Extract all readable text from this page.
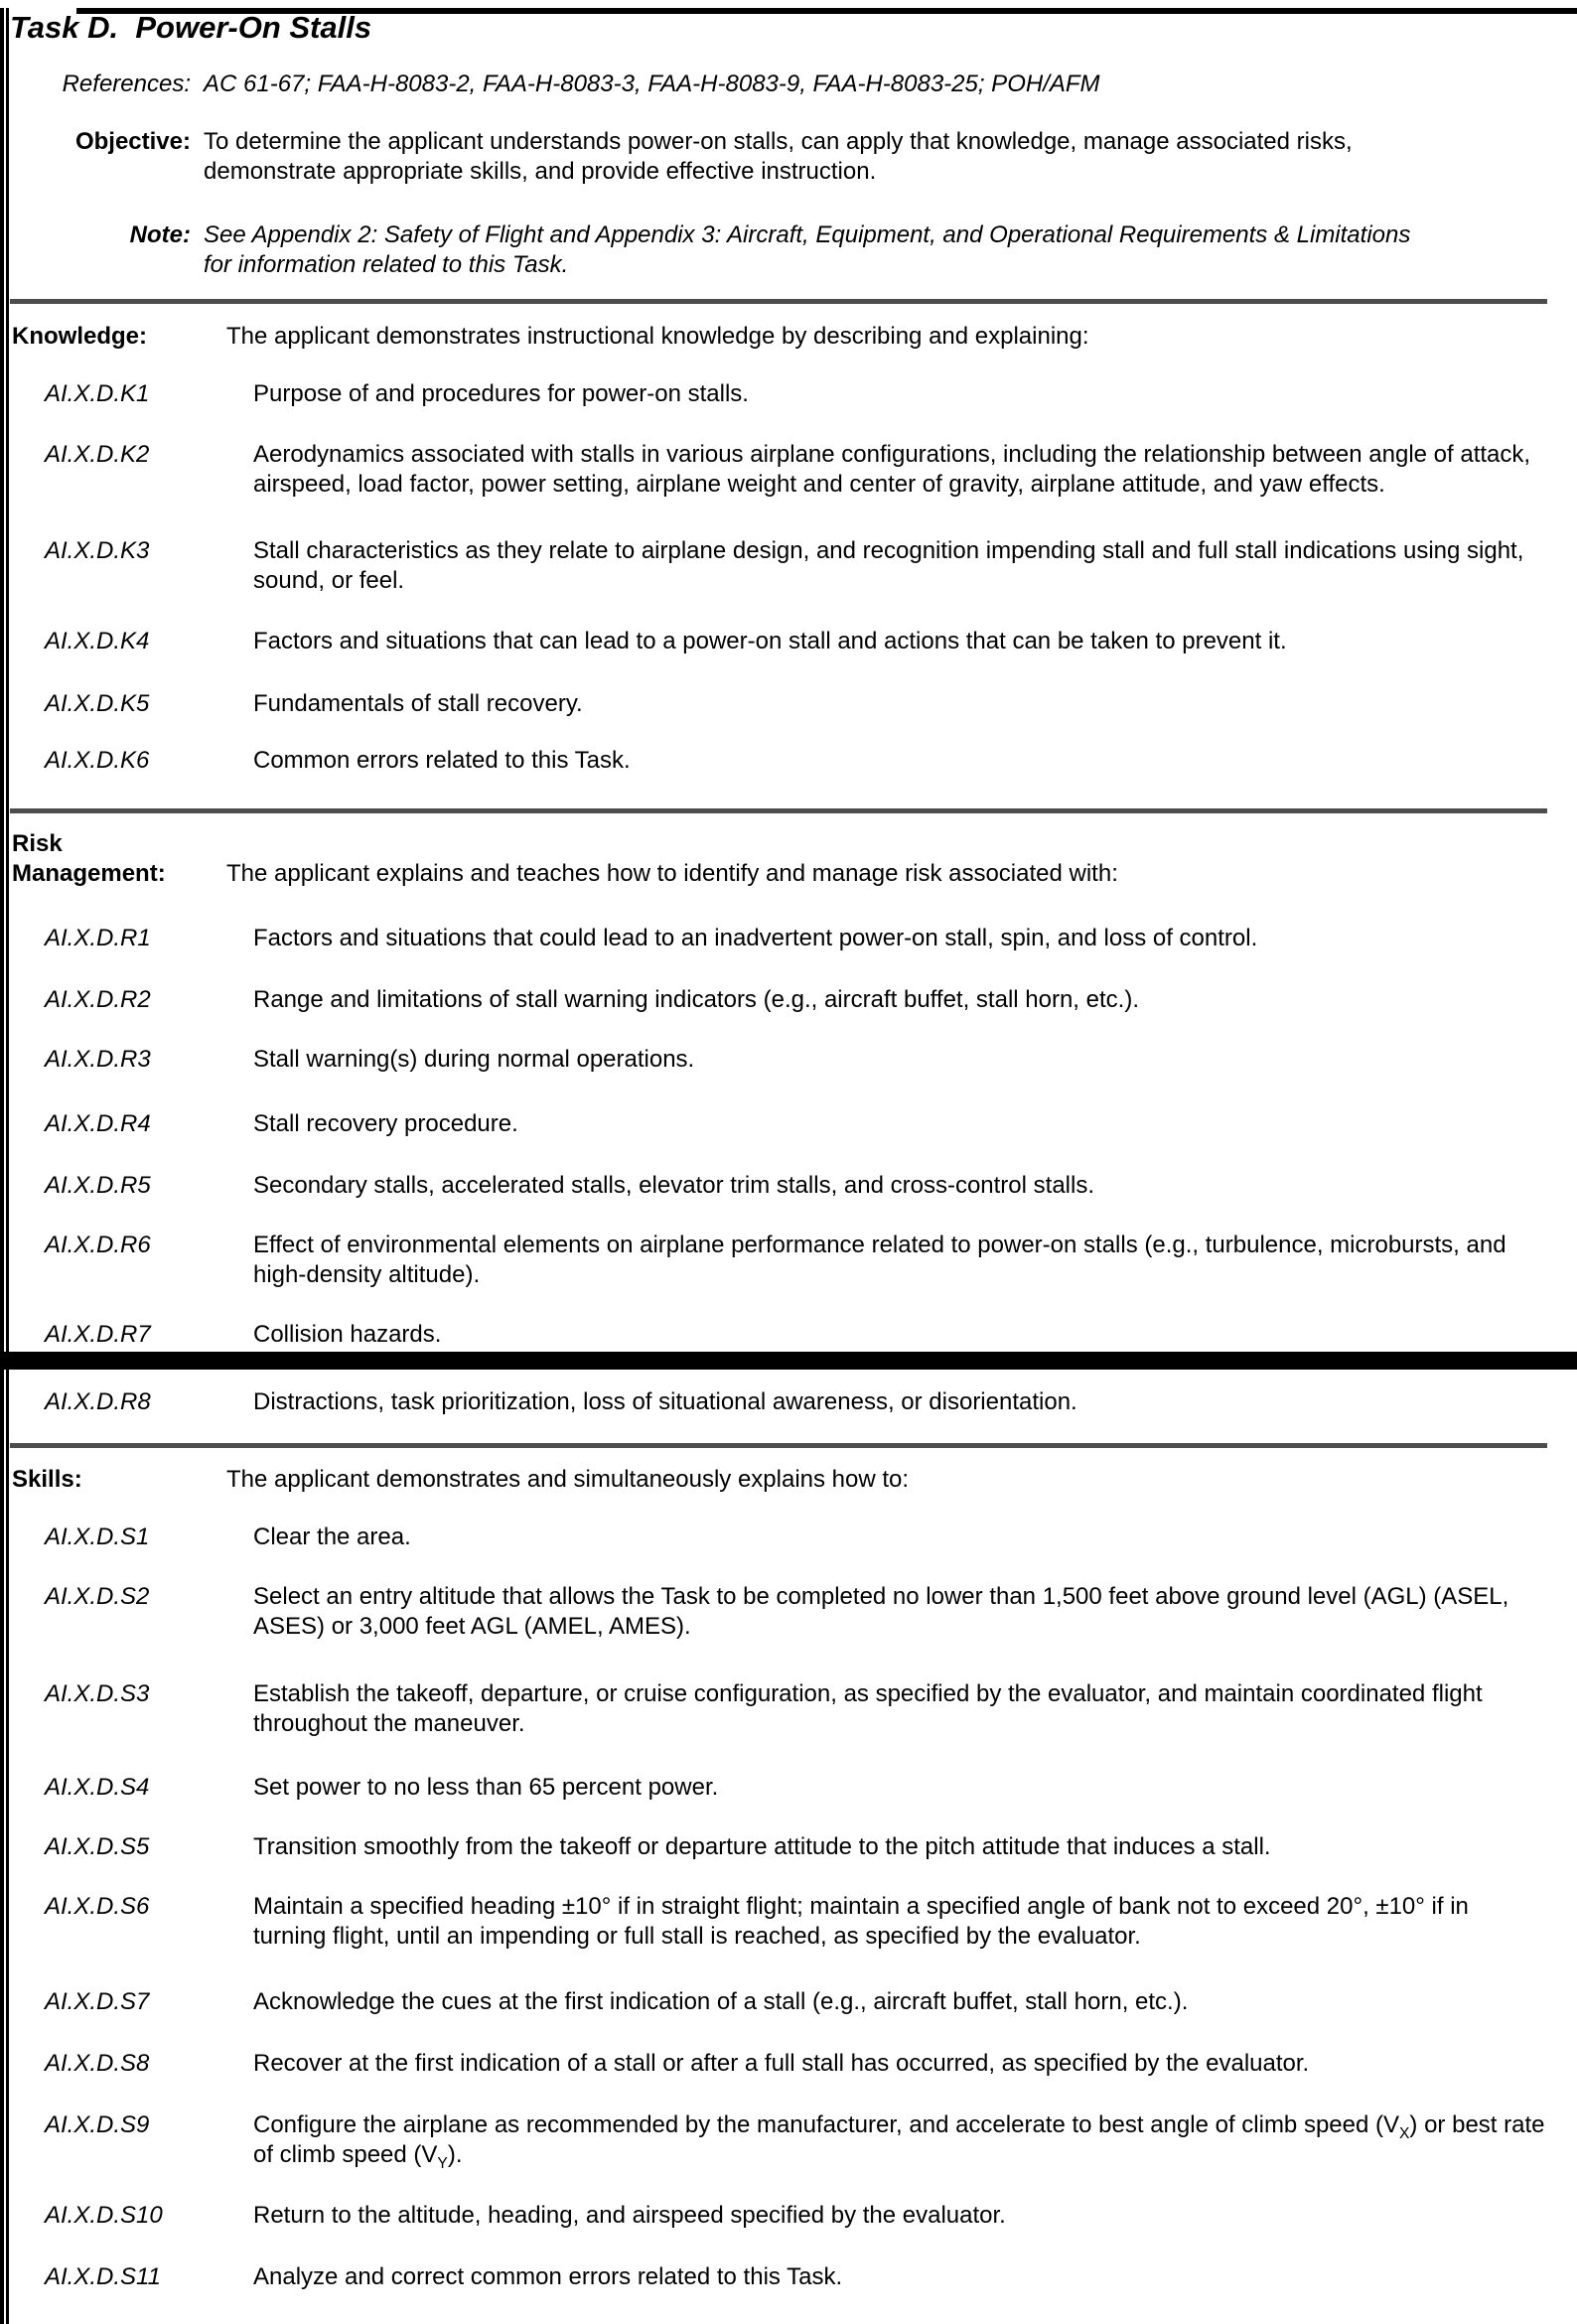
Task D.  Power-On Stalls
References: AC 61-67; FAA-H-8083-2, FAA-H-8083-3, FAA-H-8083-9, FAA-H-8083-25; POH/AFM
Objective: To determine the applicant understands power-on stalls, can apply that knowledge, manage associated risks, demonstrate appropriate skills, and provide effective instruction.
Note: See Appendix 2: Safety of Flight and Appendix 3: Aircraft, Equipment, and Operational Requirements & Limitations for information related to this Task.
Knowledge:	The applicant demonstrates instructional knowledge by describing and explaining:
AI.X.D.K1	Purpose of and procedures for power-on stalls.
AI.X.D.K2	Aerodynamics associated with stalls in various airplane configurations, including the relationship between angle of attack, airspeed, load factor, power setting, airplane weight and center of gravity, airplane attitude, and yaw effects.
AI.X.D.K3	Stall characteristics as they relate to airplane design, and recognition impending stall and full stall indications using sight, sound, or feel.
AI.X.D.K4	Factors and situations that can lead to a power-on stall and actions that can be taken to prevent it.
AI.X.D.K5	Fundamentals of stall recovery.
AI.X.D.K6	Common errors related to this Task.
Risk Management:	The applicant explains and teaches how to identify and manage risk associated with:
AI.X.D.R1	Factors and situations that could lead to an inadvertent power-on stall, spin, and loss of control.
AI.X.D.R2	Range and limitations of stall warning indicators (e.g., aircraft buffet, stall horn, etc.).
AI.X.D.R3	Stall warning(s) during normal operations.
AI.X.D.R4	Stall recovery procedure.
AI.X.D.R5	Secondary stalls, accelerated stalls, elevator trim stalls, and cross-control stalls.
AI.X.D.R6	Effect of environmental elements on airplane performance related to power-on stalls (e.g., turbulence, microbursts, and high-density altitude).
AI.X.D.R7	Collision hazards.
AI.X.D.R8	Distractions, task prioritization, loss of situational awareness, or disorientation.
Skills:	The applicant demonstrates and simultaneously explains how to:
AI.X.D.S1	Clear the area.
AI.X.D.S2	Select an entry altitude that allows the Task to be completed no lower than 1,500 feet above ground level (AGL) (ASEL, ASES) or 3,000 feet AGL (AMEL, AMES).
AI.X.D.S3	Establish the takeoff, departure, or cruise configuration, as specified by the evaluator, and maintain coordinated flight throughout the maneuver.
AI.X.D.S4	Set power to no less than 65 percent power.
AI.X.D.S5	Transition smoothly from the takeoff or departure attitude to the pitch attitude that induces a stall.
AI.X.D.S6	Maintain a specified heading ±10° if in straight flight; maintain a specified angle of bank not to exceed 20°, ±10° if in turning flight, until an impending or full stall is reached, as specified by the evaluator.
AI.X.D.S7	Acknowledge the cues at the first indication of a stall (e.g., aircraft buffet, stall horn, etc.).
AI.X.D.S8	Recover at the first indication of a stall or after a full stall has occurred, as specified by the evaluator.
AI.X.D.S9	Configure the airplane as recommended by the manufacturer, and accelerate to best angle of climb speed $(V_X)$ or best rate of climb speed $(V_Y)$.
AI.X.D.S10	Return to the altitude, heading, and airspeed specified by the evaluator.
AI.X.D.S11	Analyze and correct common errors related to this Task.
